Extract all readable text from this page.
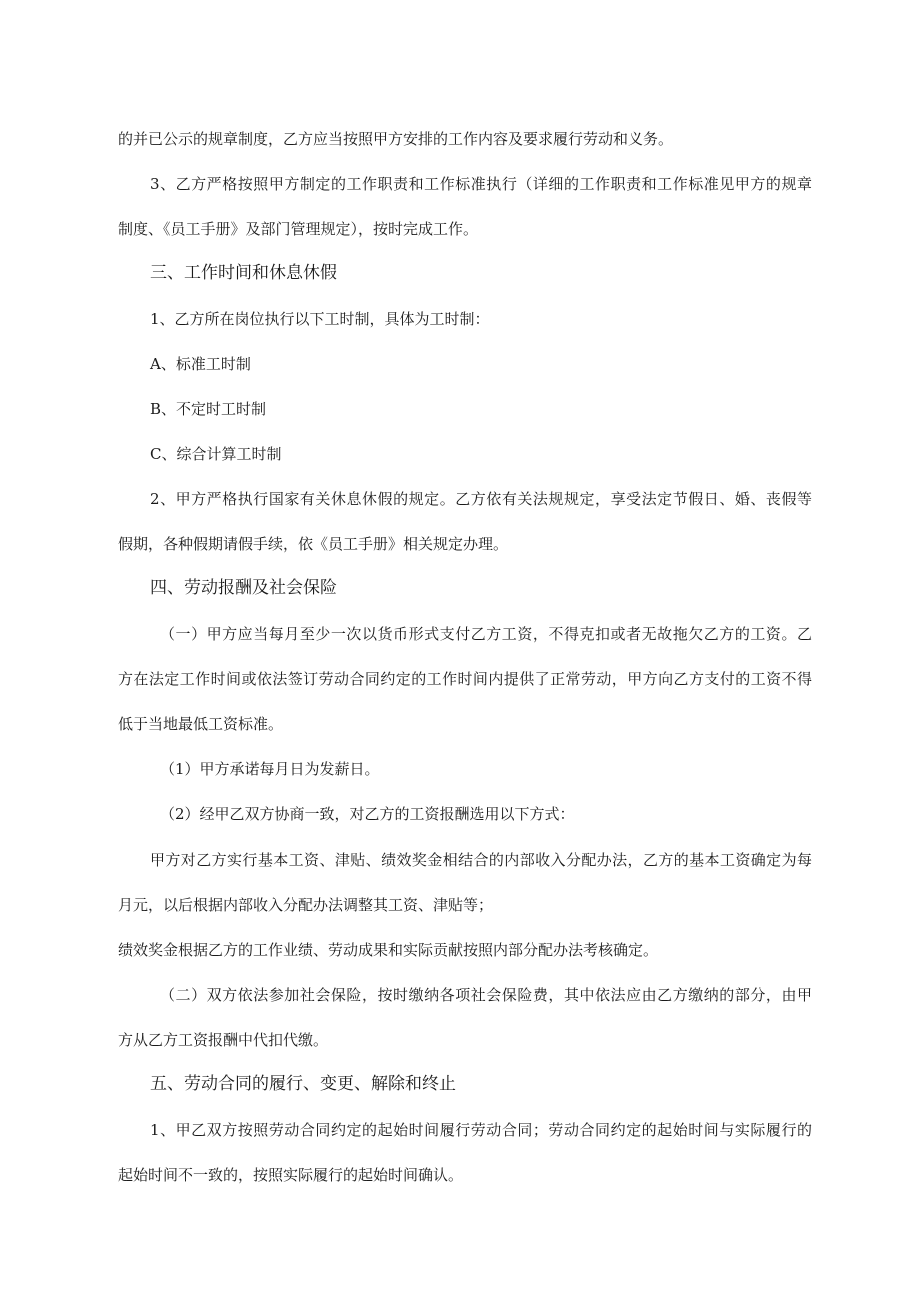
的并已公示的规章制度，乙方应当按照甲方安排的工作内容及要求履行劳动和义务。
3、乙方严格按照甲方制定的工作职责和工作标准执行（详细的工作职责和工作标准见甲方的规章
制度、《员工手册》及部门管理规定），按时完成工作。
三、工作时间和休息休假
1、乙方所在岗位执行以下工时制，具体为工时制：
A、标准工时制
B、不定时工时制
C、综合计算工时制
2、甲方严格执行国家有关休息休假的规定。乙方依有关法规规定，享受法定节假日、婚、丧假等
假期，各种假期请假手续，依《员工手册》相关规定办理。
四、劳动报酬及社会保险
（一）甲方应当每月至少一次以货币形式支付乙方工资，不得克扣或者无故拖欠乙方的工资。乙
方在法定工作时间或依法签订劳动合同约定的工作时间内提供了正常劳动，甲方向乙方支付的工资不得
低于当地最低工资标准。
（1）甲方承诺每月日为发薪日。
（2）经甲乙双方协商一致，对乙方的工资报酬选用以下方式：
甲方对乙方实行基本工资、津贴、绩效奖金相结合的内部收入分配办法，乙方的基本工资确定为每
月元，以后根据内部收入分配办法调整其工资、津贴等；
绩效奖金根据乙方的工作业绩、劳动成果和实际贡献按照内部分配办法考核确定。
（二）双方依法参加社会保险，按时缴纳各项社会保险费，其中依法应由乙方缴纳的部分，由甲
方从乙方工资报酬中代扣代缴。
五、劳动合同的履行、变更、解除和终止
1、甲乙双方按照劳动合同约定的起始时间履行劳动合同；劳动合同约定的起始时间与实际履行的
起始时间不一致的，按照实际履行的起始时间确认。
